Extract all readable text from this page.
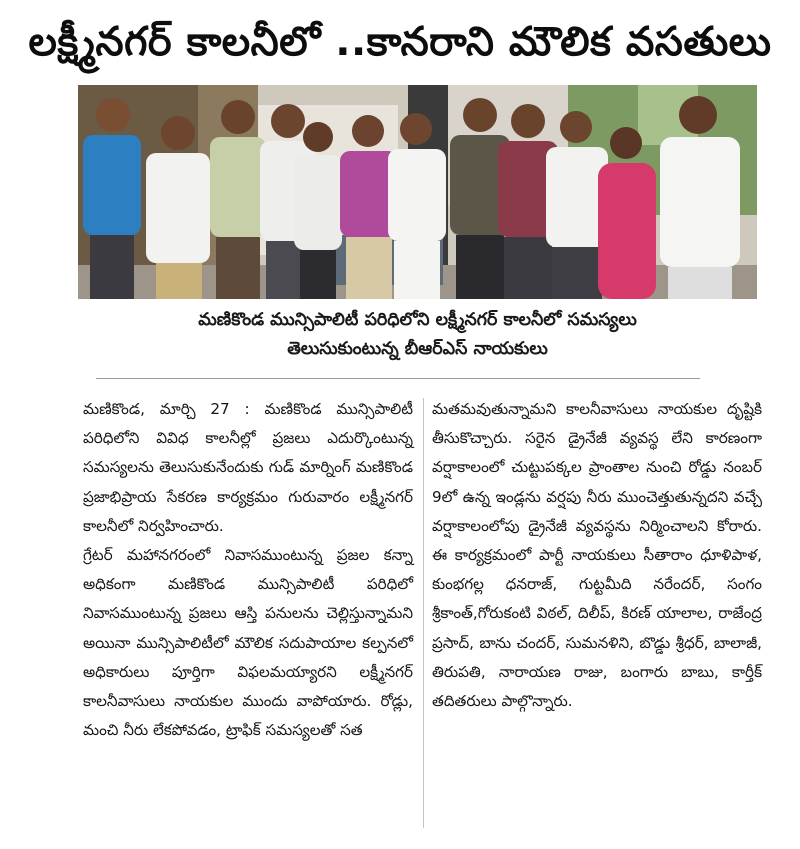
లక్ష్మీనగర్ కాలనీలో ..కానరాని మౌలిక వసతులు
మణికొండ మున్సిపాలిటీ పరిధిలోని లక్ష్మీనగర్ కాలనీలో సమస్యలు
తెలుసుకుంటున్న బీఆర్ఎస్ నాయకులు

మణికొండ, మార్చి 27 : మణికొండ మున్సిపాలిటీ పరిధిలోని వివిధ కాలనీల్లో ప్రజలు ఎదుర్కొంటున్న సమస్యలను తెలుసుకునేందుకు గుడ్ మార్నింగ్ మణికొండ ప్రజాభిప్రాయ సేకరణ కార్యక్రమం గురువారం లక్ష్మీనగర్ కాలనీలో నిర్వహించారు.

గ్రేటర్ మహానగరంలో నివాసముంటున్న ప్రజల కన్నా అధికంగా మణికొండ మున్సిపాలిటీ పరిధిలో నివాసముంటున్న ప్రజలు ఆస్తి పనులను చెల్లిస్తున్నామని అయినా మున్సిపాలిటీలో మౌలిక సదుపాయాల కల్పనలో అధికారులు పూర్తిగా విఫలమయ్యారని లక్ష్మీనగర్ కాలనీవాసులు నాయకుల ముందు వాపోయారు. రోడ్లు, మంచి నీరు లేకపోవడం, ట్రాఫిక్ సమస్యలతో సత

మతమవుతున్నామని కాలనీవాసులు నాయకుల దృష్టికి తీసుకొచ్చారు. సరైన డ్రైనేజీ వ్యవస్థ లేని కారణంగా వర్షాకాలంలో చుట్టుపక్కల ప్రాంతాల నుంచి రోడ్డు నంబర్ 9లో ఉన్న ఇండ్లను వర్షపు నీరు ముంచెత్తుతున్నదని వచ్చే వర్షాకాలంలోపు డ్రైనేజీ వ్యవస్థను నిర్మించాలని కోరారు. ఈ కార్యక్రమంలో పార్టీ నాయకులు సీతారాం ధూళిపాళ, కుంభగల్ల ధనరాజ్, గుట్టమీది నరేందర్, సంగం శ్రీకాంత్,గోరుకంటి విఠల్, దిలీప్, కిరణ్ యాలాల, రాజేంద్ర ప్రసాద్, బాను చందర్, సుమనళిని, బొడ్డు శ్రీధర్, బాలాజీ, తిరుపతి, నారాయణ రాజు, బంగారు బాబు, కార్తీక్ తదితరులు పాల్గొన్నారు.
